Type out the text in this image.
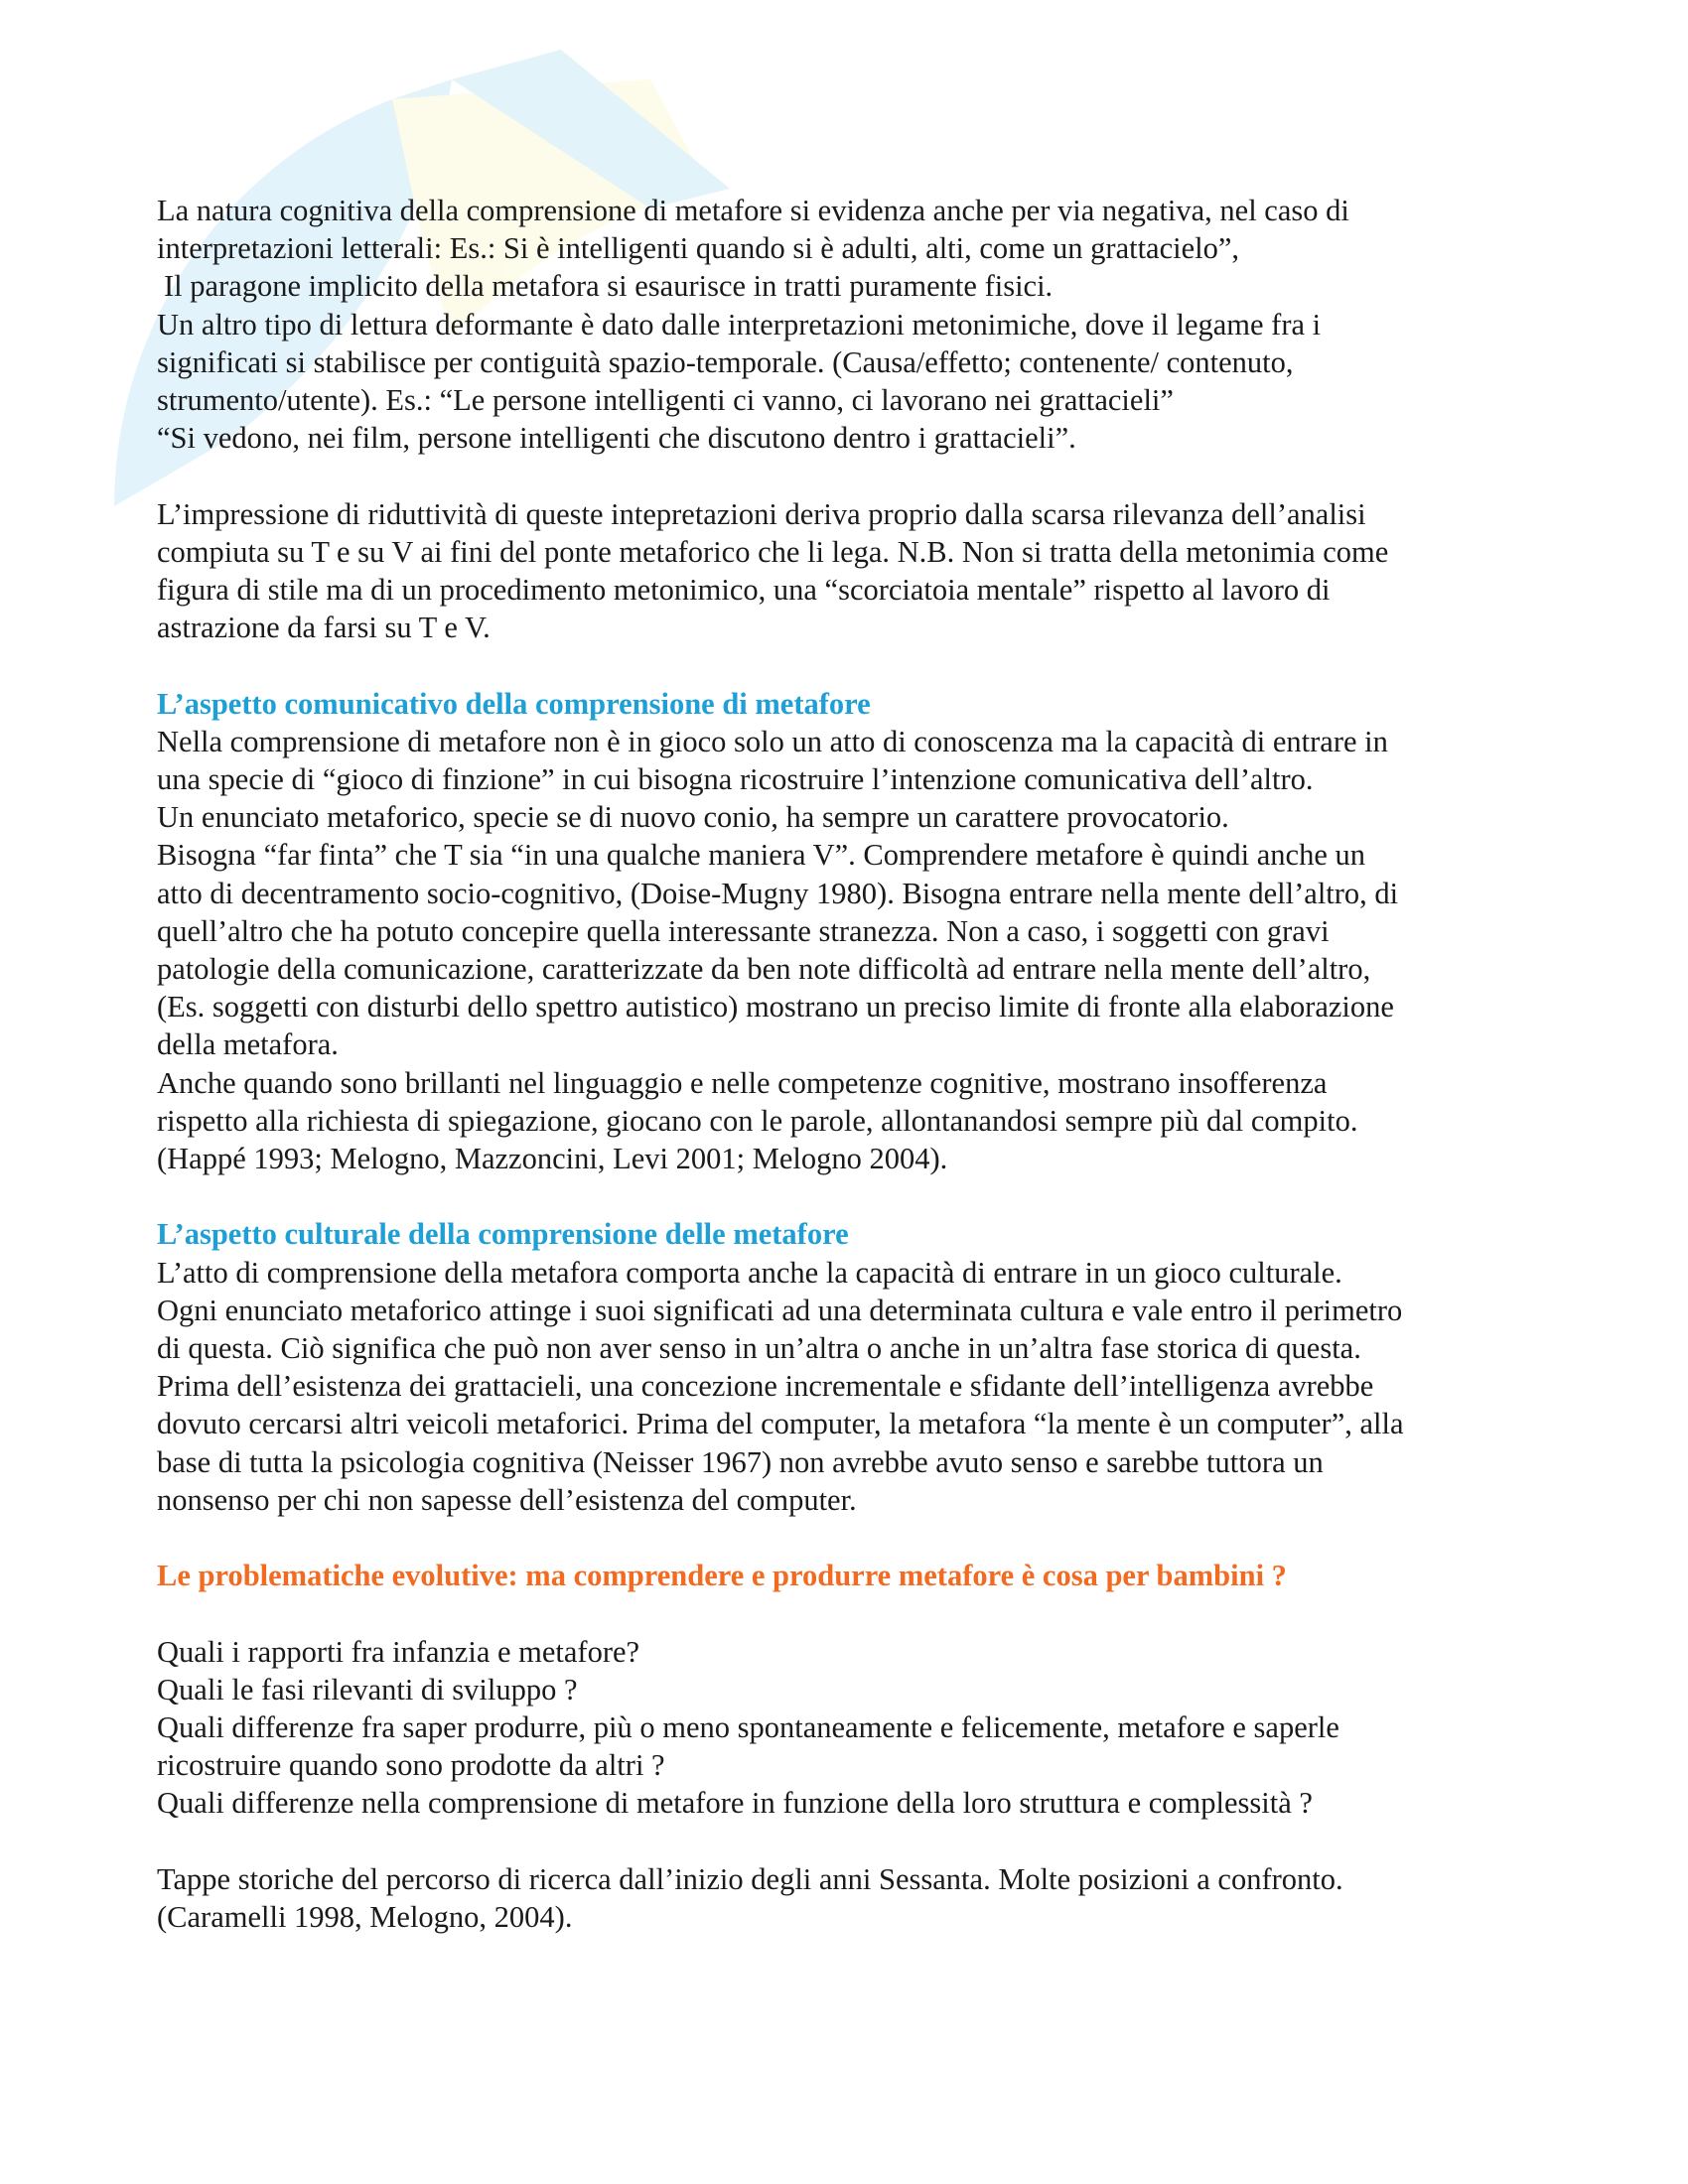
La natura cognitiva della comprensione di metafore si evidenza anche per via negativa, nel caso di

interpretazioni letterali: Es.: Si è intelligenti quando si è adulti, alti, come un grattacielo”,

Il paragone implicito della metafora si esaurisce in tratti puramente fisici.

Un altro tipo di lettura deformante è dato dalle interpretazioni metonimiche, dove il legame fra i

significati si stabilisce per contiguità spazio-temporale. (Causa/effetto; contenente/ contenuto,

strumento/utente). Es.: “Le persone intelligenti ci vanno, ci lavorano nei grattacieli”

“Si vedono, nei film, persone intelligenti che discutono dentro i grattacieli”.

L’impressione di riduttività di queste intepretazioni deriva proprio dalla scarsa rilevanza dell’analisi

compiuta su T e su V ai fini del ponte metaforico che li lega. N.B. Non si tratta della metonimia come

figura di stile ma di un procedimento metonimico, una “scorciatoia mentale” rispetto al lavoro di

astrazione da farsi su T e V.

L’aspetto comunicativo della comprensione di metafore

Nella comprensione di metafore non è in gioco solo un atto di conoscenza ma la capacità di entrare in

una specie di “gioco di finzione” in cui bisogna ricostruire l’intenzione comunicativa dell’altro.

Un enunciato metaforico, specie se di nuovo conio, ha sempre un carattere provocatorio.

Bisogna “far finta” che T sia “in una qualche maniera V”. Comprendere metafore è quindi anche un

atto di decentramento socio-cognitivo, (Doise-Mugny 1980). Bisogna entrare nella mente dell’altro, di

quell’altro che ha potuto concepire quella interessante stranezza. Non a caso, i soggetti con gravi

patologie della comunicazione, caratterizzate da ben note difficoltà ad entrare nella mente dell’altro,

(Es. soggetti con disturbi dello spettro autistico) mostrano un preciso limite di fronte alla elaborazione

della metafora.

Anche quando sono brillanti nel linguaggio e nelle competenze cognitive, mostrano insofferenza

rispetto alla richiesta di spiegazione, giocano con le parole, allontanandosi sempre più dal compito.

(Happé 1993; Melogno, Mazzoncini, Levi 2001; Melogno 2004).

L’aspetto culturale della comprensione delle metafore

L’atto di comprensione della metafora comporta anche la capacità di entrare in un gioco culturale.

Ogni enunciato metaforico attinge i suoi significati ad una determinata cultura e vale entro il perimetro

di questa. Ciò significa che può non aver senso in un’altra o anche in un’altra fase storica di questa.

Prima dell’esistenza dei grattacieli, una concezione incrementale e sfidante dell’intelligenza avrebbe

dovuto cercarsi altri veicoli metaforici. Prima del computer, la metafora “la mente è un computer”, alla

base di tutta la psicologia cognitiva (Neisser 1967) non avrebbe avuto senso e sarebbe tuttora un

nonsenso per chi non sapesse dell’esistenza del computer.

Le problematiche evolutive: ma comprendere e produrre metafore è cosa per bambini ?

Quali i rapporti fra infanzia e metafore?

Quali le fasi rilevanti di sviluppo ?

Quali differenze fra saper produrre, più o meno spontaneamente e felicemente, metafore e saperle

ricostruire quando sono prodotte da altri ?

Quali differenze nella comprensione di metafore in funzione della loro struttura e complessità ?

Tappe storiche del percorso di ricerca dall’inizio degli anni Sessanta. Molte posizioni a confronto.

(Caramelli 1998, Melogno, 2004).
